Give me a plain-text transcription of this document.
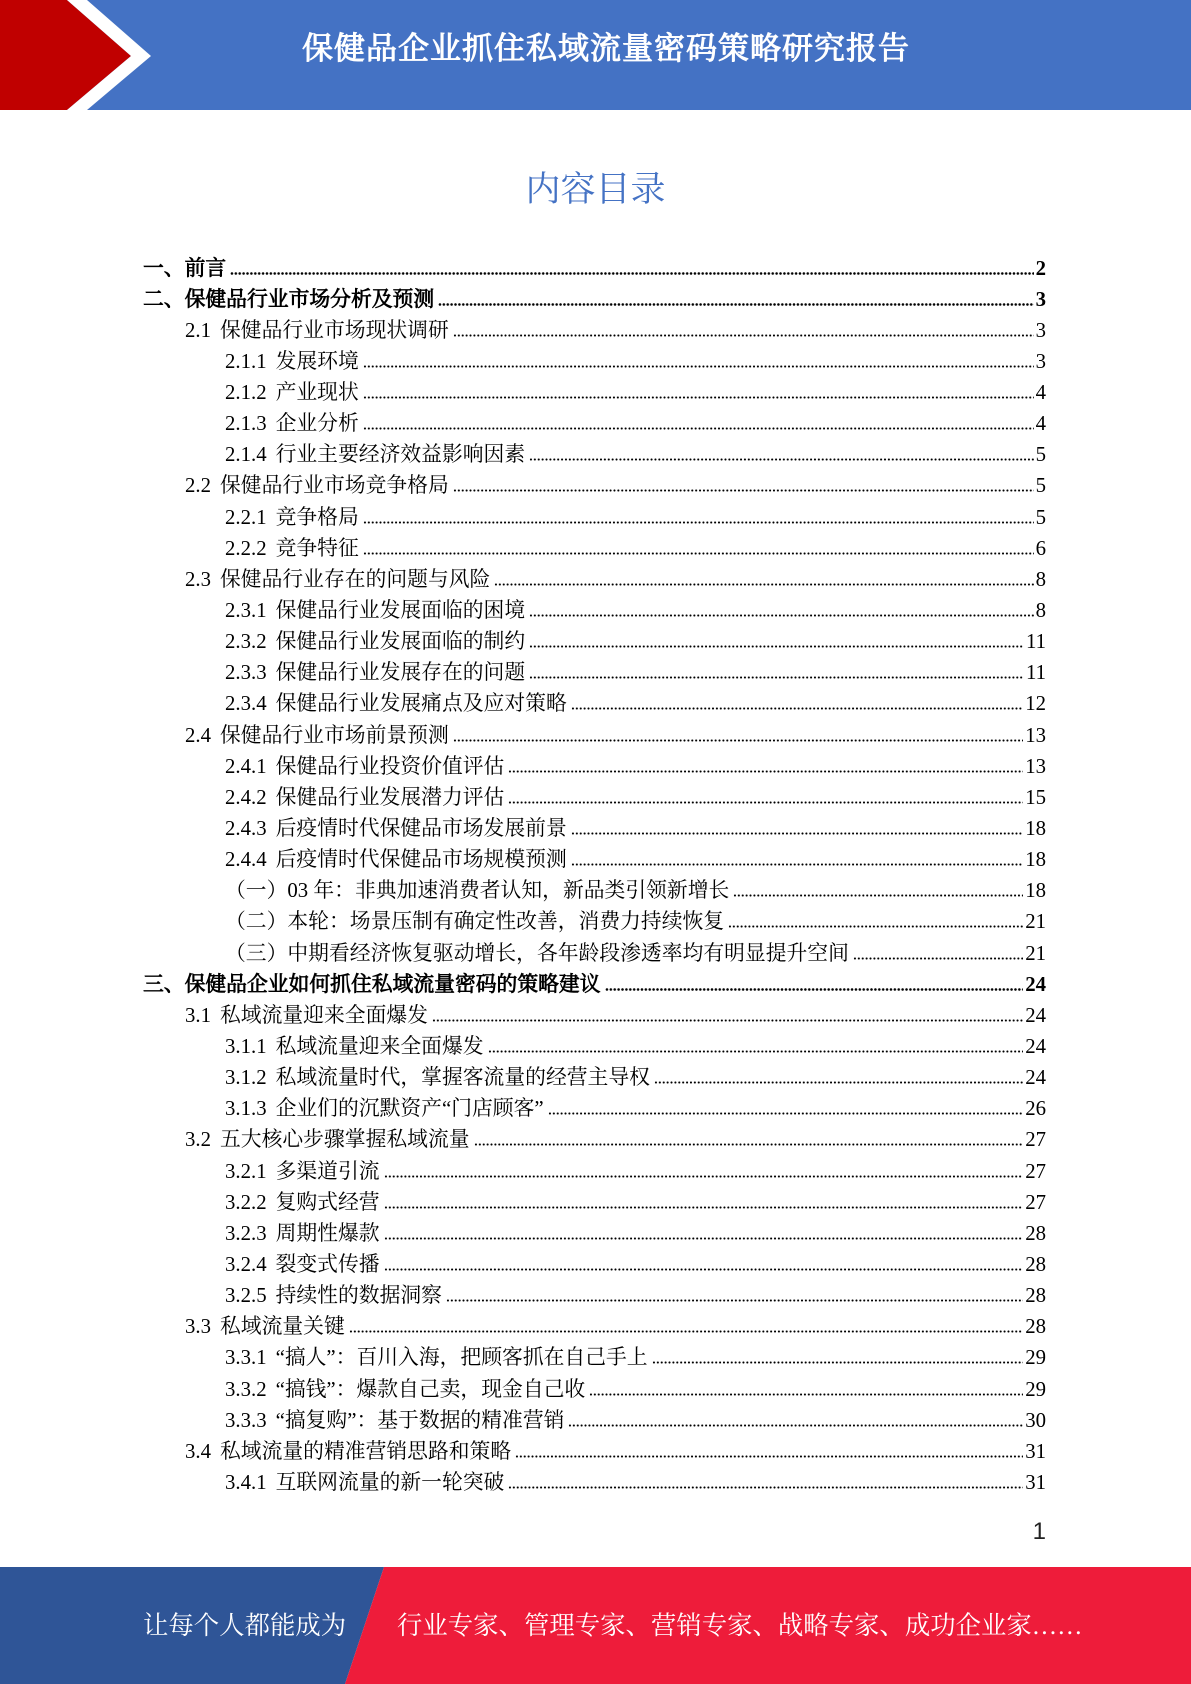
保健品企业抓住私域流量密码策略研究报告
内容目录
一、 前言	2
二、 保健品行业市场分析及预测	3
2.1 保健品行业市场现状调研	3
2.1.1 发展环境	3
2.1.2 产业现状	4
2.1.3 企业分析	4
2.1.4 行业主要经济效益影响因素	5
2.2 保健品行业市场竞争格局	5
2.2.1 竞争格局	5
2.2.2 竞争特征	6
2.3 保健品行业存在的问题与风险	8
2.3.1 保健品行业发展面临的困境	8
2.3.2 保健品行业发展面临的制约	11
2.3.3 保健品行业发展存在的问题	11
2.3.4 保健品行业发展痛点及应对策略	12
2.4 保健品行业市场前景预测	13
2.4.1 保健品行业投资价值评估	13
2.4.2 保健品行业发展潜力评估	15
2.4.3 后疫情时代保健品市场发展前景	18
2.4.4 后疫情时代保健品市场规模预测	18
（一） 03 年：非典加速消费者认知，新品类引领新增长	18
（二） 本轮：场景压制有确定性改善，消费力持续恢复	21
（三） 中期看经济恢复驱动增长，各年龄段渗透率均有明显提升空间	21
三、 保健品企业如何抓住私域流量密码的策略建议	24
3.1 私域流量迎来全面爆发	24
3.1.1 私域流量迎来全面爆发	24
3.1.2 私域流量时代，掌握客流量的经营主导权	24
3.1.3 企业们的沉默资产“门店顾客”	26
3.2 五大核心步骤掌握私域流量	27
3.2.1 多渠道引流	27
3.2.2 复购式经营	27
3.2.3 周期性爆款	28
3.2.4 裂变式传播	28
3.2.5 持续性的数据洞察	28
3.3 私域流量关键	28
3.3.1 “搞人”：百川入海，把顾客抓在自己手上	29
3.3.2 “搞钱”：爆款自己卖，现金自己收	29
3.3.3 “搞复购”：基于数据的精准营销	30
3.4 私域流量的精准营销思路和策略	31
3.4.1 互联网流量的新一轮突破	31
1
让每个人都能成为 行业专家、管理专家、营销专家、战略专家、成功企业家……
